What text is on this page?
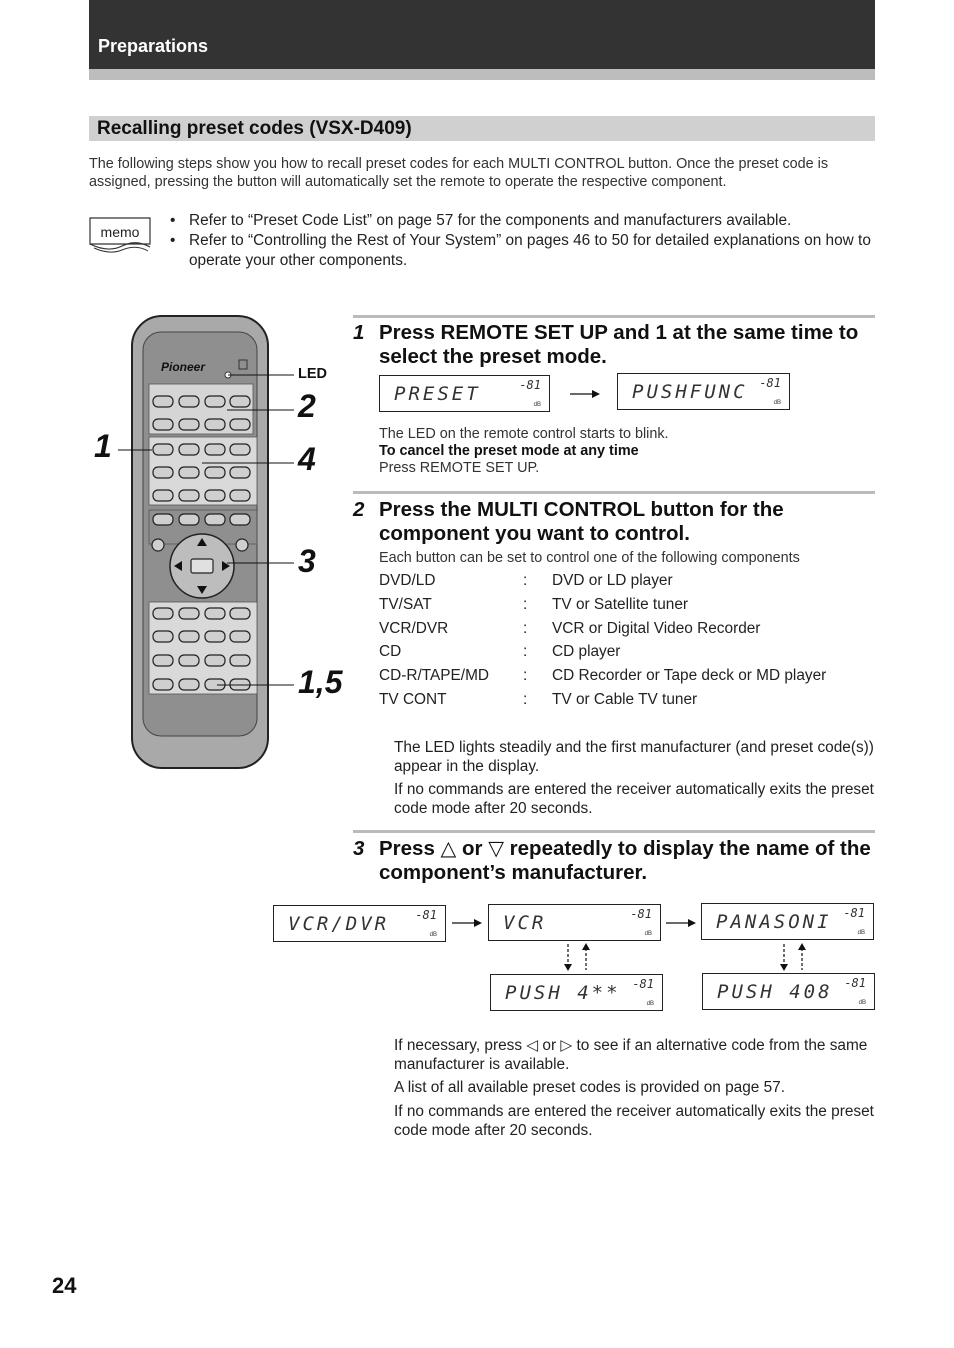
Preparations
Recalling preset codes (VSX-D409)
The following steps show you how to recall preset codes for each MULTI CONTROL button. Once the preset code is assigned, pressing the button will automatically set the remote to operate the respective component.
memo
• Refer to “Preset Code List” on page 57 for the components and manufacturers available.
• Refer to “Controlling the Rest of Your System” on pages 46 to 50 for detailed explanations on how to operate your other components.
Pioneer	LED
2
1	4
3
1,5
1 Press REMOTE SET UP and 1 at the same time to select the preset mode.
PRESET	-81
dB
PUSHFUNC -81
dB
The LED on the remote control starts to blink.
To cancel the preset mode at any time
Press REMOTE SET UP.
2 Press the MULTI CONTROL button for the component you want to control.
Each button can be set to control one of the following components
DVD/LD	:	DVD or LD player
TV/SAT	:	TV or Satellite tuner
VCR/DVR	:	VCR or Digital Video Recorder
CD	:	CD player
CD-R/TAPE/MD	:	CD Recorder or Tape deck or MD player
TV CONT	:	TV or Cable TV tuner
The LED lights steadily and the first manufacturer (and preset code(s)) appear in the display.
If no commands are entered the receiver automatically exits the preset code mode after 20 seconds.
3 Press △ or ▽ repeatedly to display the name of the component’s manufacturer.
VCR/DVR -81
dB
VCR	-81
dB
PANASONI -81
dB
PUSH 4** -81
dB
PUSH 408 -81
dB
If necessary, press ◁ or ▷ to see if an alternative code from the same manufacturer is available.
A list of all available preset codes is provided on page 57.
If no commands are entered the receiver automatically exits the preset code mode after 20 seconds.
24
